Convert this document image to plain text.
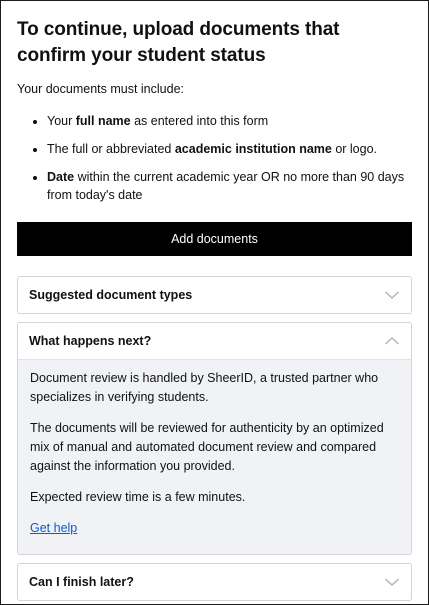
To continue, upload documents that confirm your student status

Your documents must include:

• Your full name as entered into this form
• The full or abbreviated academic institution name or logo.
• Date within the current academic year OR no more than 90 days from today's date
Add documents
Suggested document types
What happens next?

Document review is handled by SheerID, a trusted partner who specializes in verifying students.

The documents will be reviewed for authenticity by an optimized mix of manual and automated document review and compared against the information you provided.

Expected review time is a few minutes.

Get help
Can I finish later?
